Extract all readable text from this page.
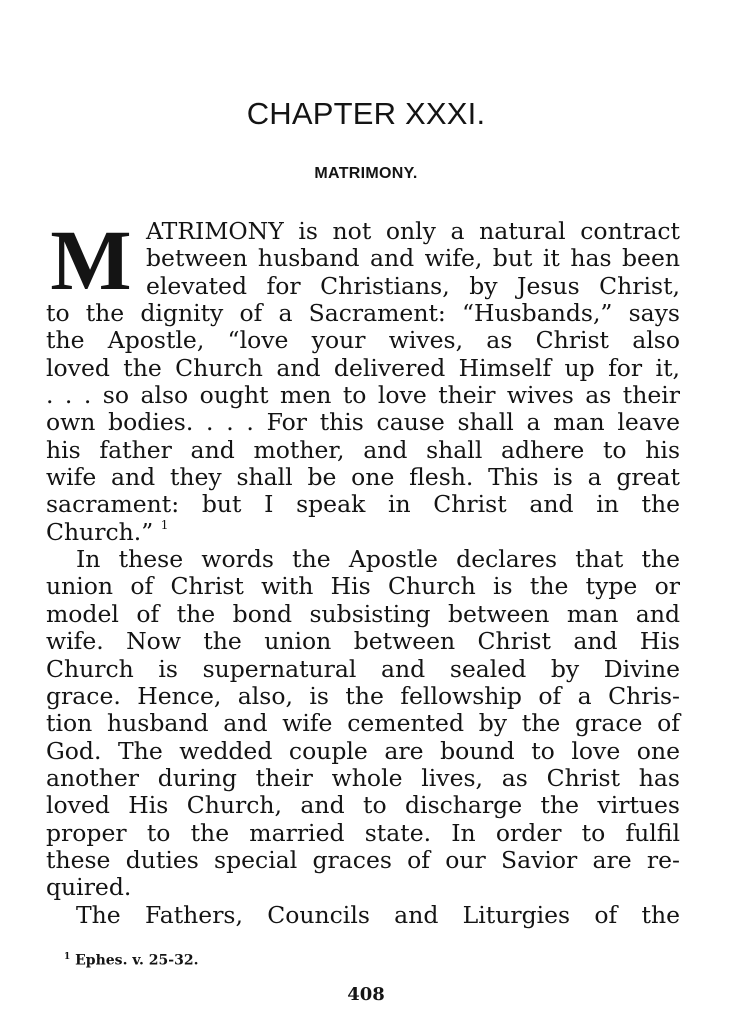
CHAPTER XXXI.
MATRIMONY.
M ATRIMONY is not only a natural contract
between husband and wife, but it has been
elevated for Christians, by Jesus Christ,
to the dignity of a Sacrament: “Husbands,” says
the Apostle, “love your wives, as Christ also
loved the Church and delivered Himself up for it,
. . . so also ought men to love their wives as their
own bodies. . . . For this cause shall a man leave
his father and mother, and shall adhere to his
wife and they shall be one flesh. This is a great
sacrament: but I speak in Christ and in the
Church.” $^1$
In these words the Apostle declares that the
union of Christ with His Church is the type or
model of the bond subsisting between man and
wife. Now the union between Christ and His
Church is supernatural and sealed by Divine
grace. Hence, also, is the fellowship of a Chris-
tion husband and wife cemented by the grace of
God. The wedded couple are bound to love one
another during their whole lives, as Christ has
loved His Church, and to discharge the virtues
proper to the married state. In order to fulfil
these duties special graces of our Savior are re-
quired.
The Fathers, Councils and Liturgies of the
$^1$ Ephes. v. 25-32.
408
